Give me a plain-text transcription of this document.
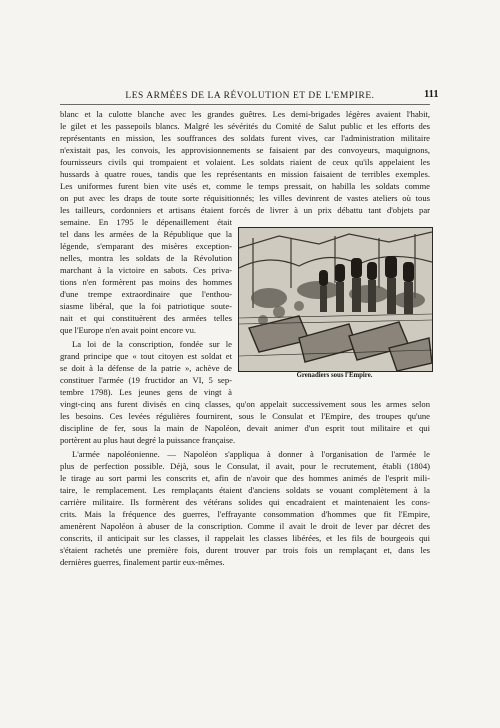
LES ARMÉES DE LA RÉVOLUTION ET DE L'EMPIRE.	111
blanc et la culotte blanche avec les grandes guêtres. Les demi-brigades légères avaient l'habit,
le gilet et les passepoils blancs. Malgré les sévérités du Comité de Salut public et les efforts des
représentants en mission, les souffrances des soldats furent vives, car l'administration militaire
n'existait pas, les convois, les approvisionnements se faisaient par des convoyeurs, maquignons,
fournisseurs civils qui trompaient et volaient. Les soldats riaient de ceux qu'ils appelaient les
hussards à quatre roues, tandis que les représentants en mission faisaient de terribles exemples.
Les uniformes furent bien vite usés et, comme le temps pressait, on habilla les soldats comme
on put avec les draps de toute sorte réquisitionnés; les villes devinrent de vastes ateliers où tous
les tailleurs, cordonniers et artisans étaient forcés de livrer à un prix débattu tant d'objets par
semaine. En 1795 le dépenaillement était
tel dans les armées de la République que la
légende, s'emparant des misères exception-
nelles, montra les soldats de la Révolution
marchant à la victoire en sabots. Ces priva-
tions n'en formèrent pas moins des hommes
d'une trempe extraordinaire que l'enthou-
siasme libéral, que la foi patriotique soute-
nait et qui constituèrent des armées telles
que l'Europe n'en avait point encore vu.
La loi de la conscription, fondée sur le
grand principe que « tout citoyen est soldat et
se doit à la défense de la patrie », achève de
constituer l'armée (19 fructidor an VI, 5 sep-
tembre 1798). Les jeunes gens de vingt à
Grenadiers sous l'Empire.
vingt-cinq ans furent divisés en cinq classes, qu'on appelait successivement sous les armes selon
les besoins. Ces levées régulières fournirent, sous le Consulat et l'Empire, des troupes qu'une
discipline de fer, sous la main de Napoléon, devait animer d'un esprit tout militaire et qui
portèrent au plus haut degré la puissance française.
L'armée napoléonienne. — Napoléon s'appliqua à donner à l'organisation de l'armée le
plus de perfection possible. Déjà, sous le Consulat, il avait, pour le recrutement, établi (1804)
le tirage au sort parmi les conscrits et, afin de n'avoir que des hommes animés de l'esprit mili-
taire, le remplacement. Les remplaçants étaient d'anciens soldats se vouant complètement à la
carrière militaire. Ils formèrent des vétérans solides qui encadraient et maintenaient les cons-
crits. Mais la fréquence des guerres, l'effrayante consommation d'hommes que fit l'Empire,
amenèrent Napoléon à abuser de la conscription. Comme il avait le droit de lever par décret des
conscrits, il anticipait sur les classes, il rappelait les classes libérées, et les fils de bourgeois qui
s'étaient rachetés une première fois, durent trouver par trois fois un remplaçant et, dans les
dernières guerres, finalement partir eux-mêmes.
